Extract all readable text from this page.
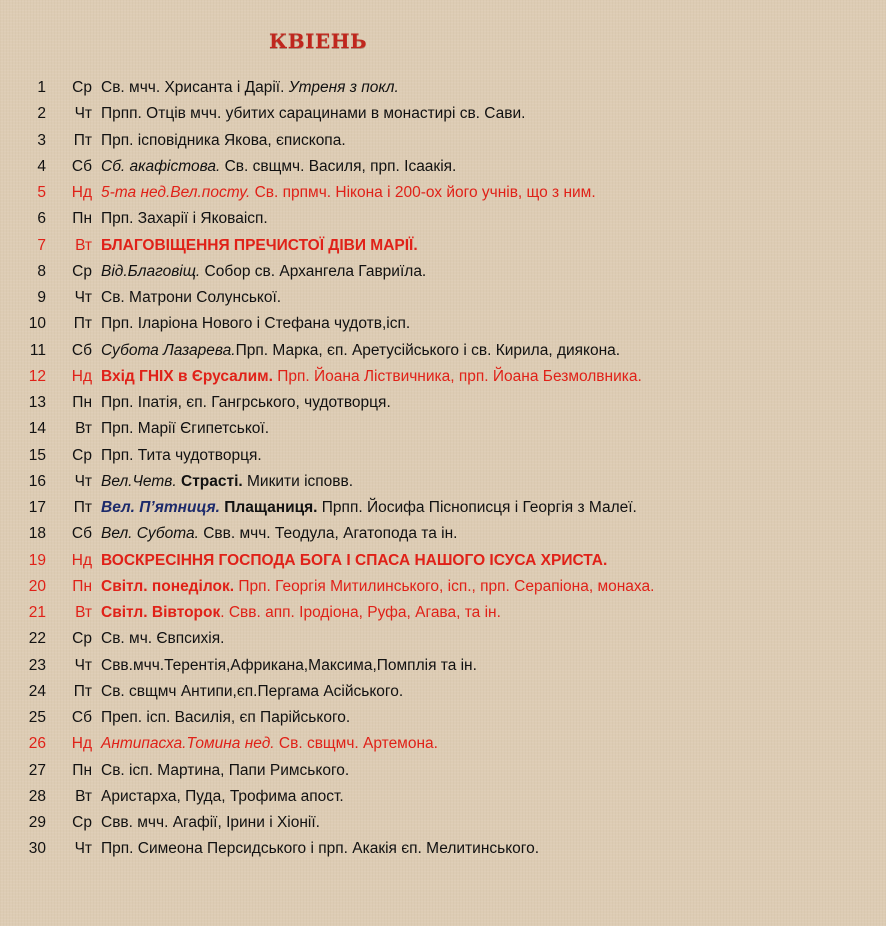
КВІЕНЬ
1	Ср Св. мчч. Хрисанта і Дарії. Утреня з покл.
2	Чт Прпп. Отців мчч. убитих сарацинами в монастирі св. Сави.
3	Пт Прп. ісповідника Якова, єпископа.
4	Сб Сб. акафістова. Св. свщмч. Василя, прп. Ісаакія.
5	Нд 5-та нед.Вел.посту. Св. прпмч. Нікона і 200-ох його учнів, що з ним.
6	Пн Прп. Захарії і Яковаісп.
7	Вт БЛАГОВІЩЕННЯ ПРЕЧИСТОЇ ДІВИ МАРІЇ.
8	Ср Від.Благовіщ. Собор св. Архангела Гавриїла.
9	Чт Св. Матрони Солунської.
10	Пт Прп. Іларіона Нового і Стефана чудотв,ісп.
11	Сб Субота Лазарева.Прп. Марка, єп. Аретусійського і св. Кирила, диякона.
12	Нд Вхід ГНІХ в Єрусалим. Прп. Йоана Ліствичника, прп. Йоана Безмолвника.
13	Пн Прп. Іпатія, єп. Гангрського, чудотворця.
14	Вт Прп. Марії Єгипетської.
15	Ср Прп. Тита чудотворця.
16	Чт Вел.Четв. Страсті. Микити ісповв.
17	Пт Вел. П’ятниця. Плащаниця. Прпп. Йосифа Піснописця і Георгія з Малеї.
18	Сб Вел. Субота. Свв. мчч. Теодула, Агатопода та ін.
19	Нд ВОСКРЕСІННЯ ГОСПОДА БОГА І СПАСА НАШОГО ІСУСА ХРИСТА.
20	Пн Світл. понеділок. Прп. Георгія Митилинського, ісп., прп. Серапіона, монаха.
21	Вт Світл. Вівторок. Свв. апп. Іродіона, Руфа, Агава, та ін.
22	Ср Св. мч. Євпсихія.
23	Чт Свв.мчч.Терентія,Африкана,Максима,Помплія та ін.
24	Пт Св. свщмч Антипи,єп.Пергама Асійського.
25	Сб Преп. ісп. Василія, єп Парійського.
26	Нд Антипасха.Томина нед. Св. свщмч. Артемона.
27	Пн Св. ісп. Мартина, Папи Римського.
28	Вт Аристарха, Пуда, Трофима апост.
29	Ср Свв. мчч. Агафії, Ірини і Хіонії.
30	Чт Прп. Симеона Персидського і прп. Акакія єп. Мелитинського.
